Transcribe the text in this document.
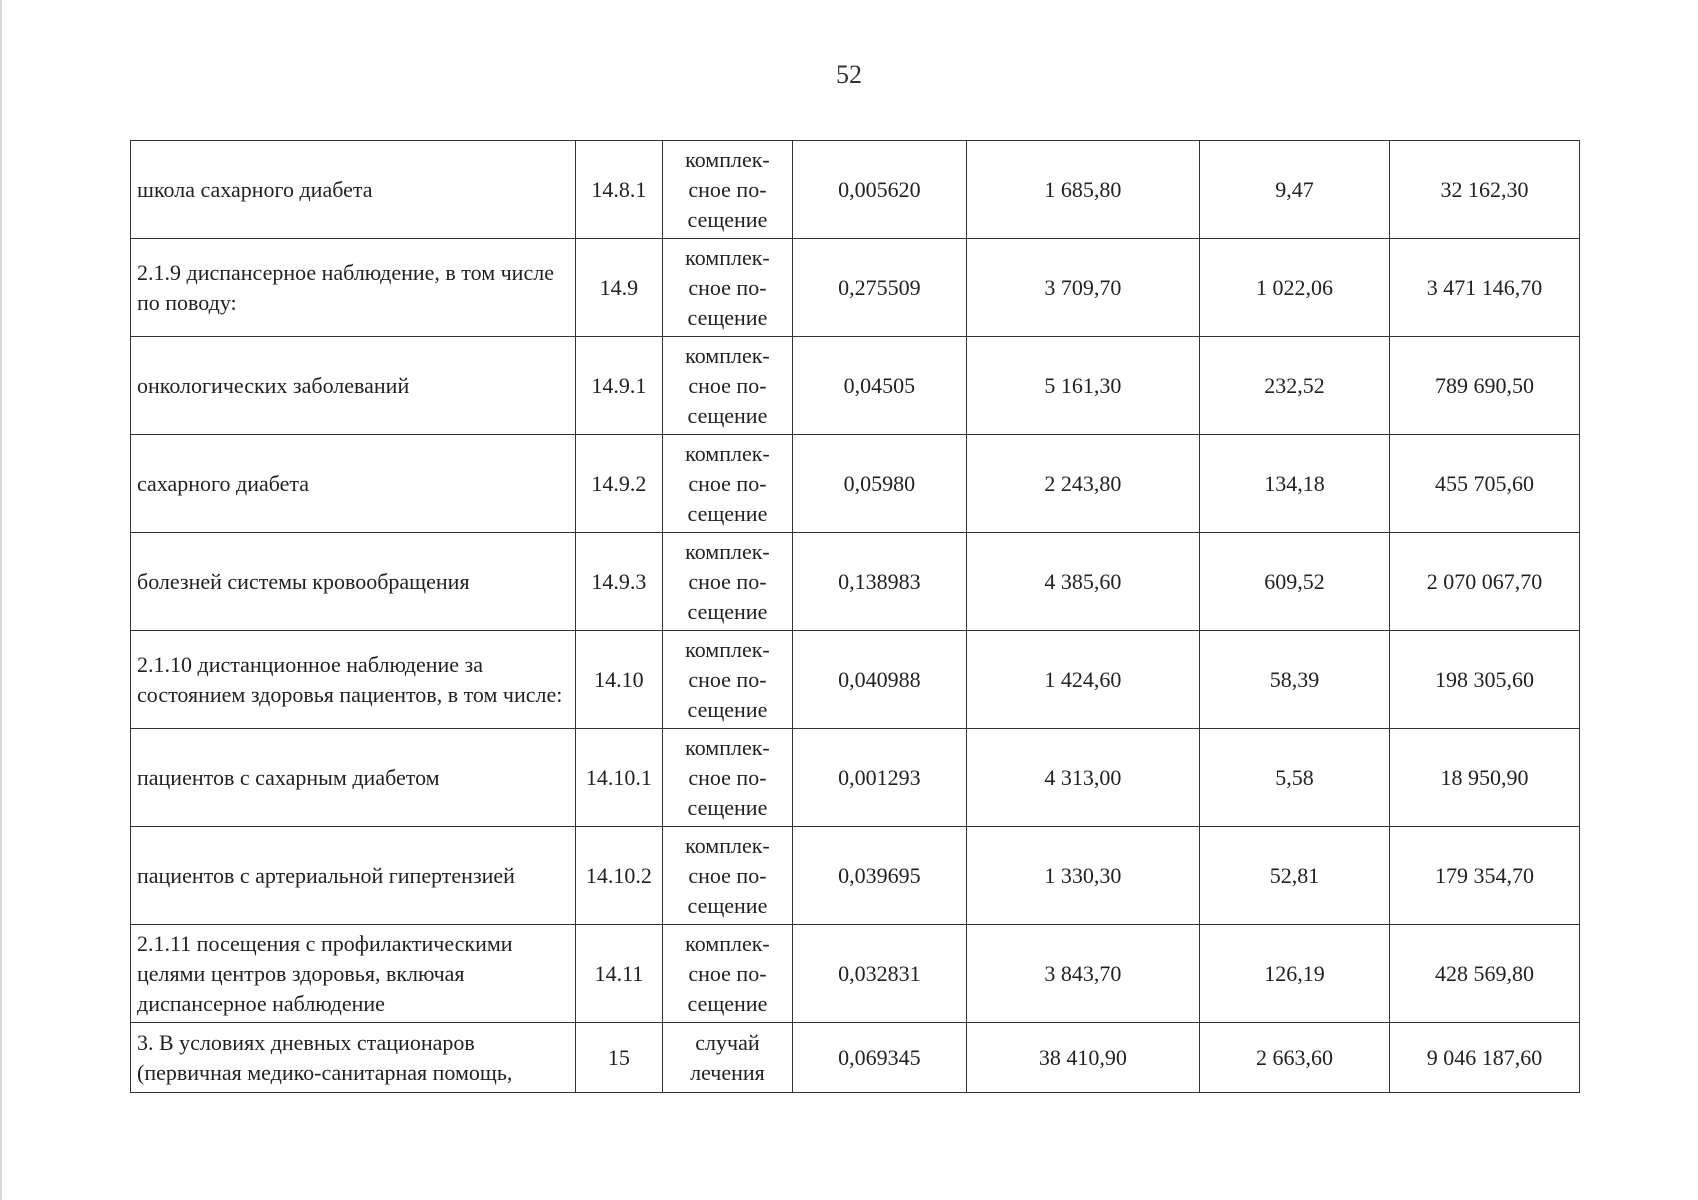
52
школа сахарного диабета	14.8.1	комплек-
сное по-
сещение	0,005620	1 685,80	9,47	32 162,30
2.1.9 диспансерное наблюдение, в том числе по поводу:	14.9	комплек-
сное по-
сещение	0,275509	3 709,70	1 022,06	3 471 146,70
онкологических заболеваний	14.9.1	комплек-
сное по-
сещение	0,04505	5 161,30	232,52	789 690,50
сахарного диабета	14.9.2	комплек-
сное по-
сещение	0,05980	2 243,80	134,18	455 705,60
болезней системы кровообращения	14.9.3	комплек-
сное по-
сещение	0,138983	4 385,60	609,52	2 070 067,70
2.1.10 дистанционное наблюдение за состоянием здоровья пациентов, в том числе:	14.10	комплек-
сное по-
сещение	0,040988	1 424,60	58,39	198 305,60
пациентов с сахарным диабетом	14.10.1	комплек-
сное по-
сещение	0,001293	4 313,00	5,58	18 950,90
пациентов с артериальной гипертензией	14.10.2	комплек-
сное по-
сещение	0,039695	1 330,30	52,81	179 354,70
2.1.11 посещения с профилактическими целями центров здоровья, включая диспансерное наблюдение	14.11	комплек-
сное по-
сещение	0,032831	3 843,70	126,19	428 569,80
3. В условиях дневных стационаров (первичная медико-санитарная помощь,	15	случай
лечения	0,069345	38 410,90	2 663,60	9 046 187,60
